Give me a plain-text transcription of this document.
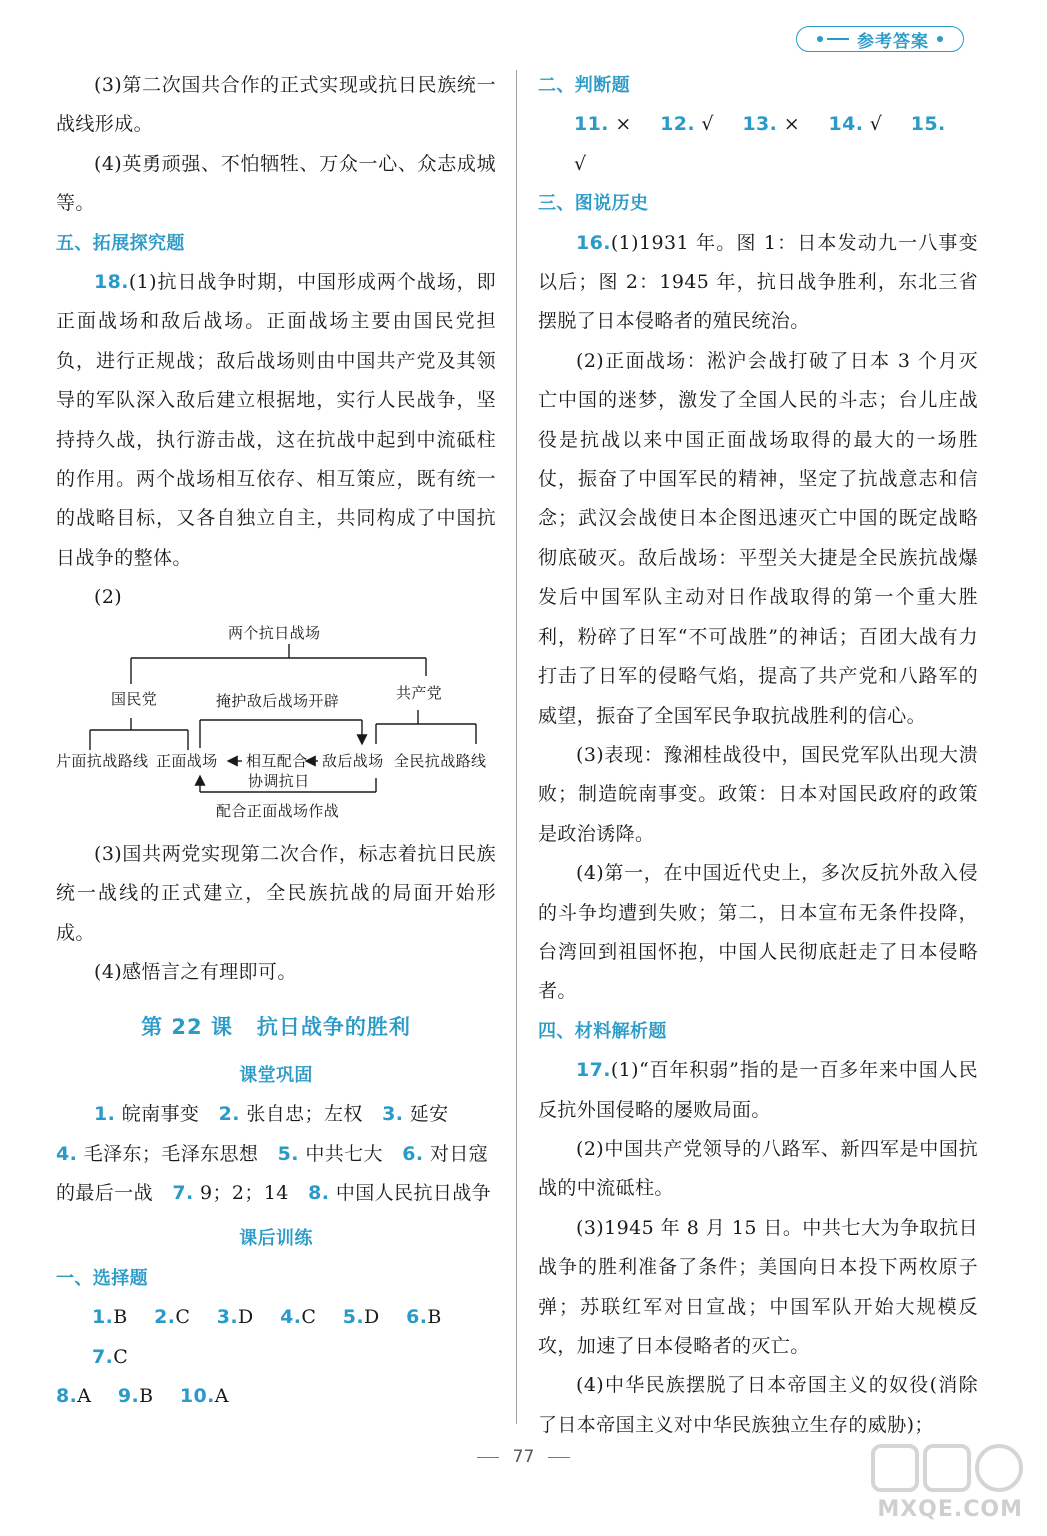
参考答案

(3)第二次国共合作的正式实现或抗日民族统一战线形成。

(4)英勇顽强、不怕牺牲、万众一心、众志成城等。

五、拓展探究题

18.(1)抗日战争时期，中国形成两个战场，即正面战场和敌后战场。正面战场主要由国民党担负，进行正规战；敌后战场则由中国共产党及其领导的军队深入敌后建立根据地，实行人民战争，坚持持久战，执行游击战，这在抗战中起到中流砥柱的作用。两个战场相互依存、相互策应，既有统一的战略目标，又各自独立自主，共同构成了中国抗日战争的整体。

(2)

两个抗日战场
国民党	共产党
掩护敌后战场开辟
片面抗战路线 正面战场 相互配合
协调抗日
敌后战场 全民抗战路线
配合正面战场作战

(3)国共两党实现第二次合作，标志着抗日民族统一战线的正式建立，全民族抗战的局面开始形成。

(4)感悟言之有理即可。

第 22 课 抗日战争的胜利
课堂巩固

1. 皖南事变 2. 张自忠；左权 3. 延安

4. 毛泽东；毛泽东思想 5. 中共七大 6. 对日寇的最后一战 7. 9；2；14 8. 中国人民抗日战争

课后训练
一、选择题
1.B 2.C 3.D 4.C 5.D 6.B 7.C
8.A 9.B 10.A
二、判断题
11. × 12. √ 13. × 14. √ 15. √
三、图说历史

16.(1)1931 年。图 1：日本发动九一八事变以后；图 2：1945 年，抗日战争胜利，东北三省摆脱了日本侵略者的殖民统治。

(2)正面战场：淞沪会战打破了日本 3 个月灭亡中国的迷梦，激发了全国人民的斗志；台儿庄战役是抗战以来中国正面战场取得的最大的一场胜仗，振奋了中国军民的精神，坚定了抗战意志和信念；武汉会战使日本企图迅速灭亡中国的既定战略彻底破灭。敌后战场：平型关大捷是全民族抗战爆发后中国军队主动对日作战取得的第一个重大胜利，粉碎了日军“不可战胜”的神话；百团大战有力打击了日军的侵略气焰，提高了共产党和八路军的威望，振奋了全国军民争取抗战胜利的信心。

(3)表现：豫湘桂战役中，国民党军队出现大溃败；制造皖南事变。政策：日本对国民政府的政策是政治诱降。

(4)第一，在中国近代史上，多次反抗外敌入侵的斗争均遭到失败；第二，日本宣布无条件投降，台湾回到祖国怀抱，中国人民彻底赶走了日本侵略者。

四、材料解析题

17.(1)“百年积弱”指的是一百多年来中国人民反抗外国侵略的屡败局面。

(2)中国共产党领导的八路军、新四军是中国抗战的中流砥柱。

(3)1945 年 8 月 15 日。中共七大为争取抗日战争的胜利准备了条件；美国向日本投下两枚原子弹；苏联红军对日宣战；中国军队开始大规模反攻，加速了日本侵略者的灭亡。

(4)中华民族摆脱了日本帝国主义的奴役(消除了日本帝国主义对中华民族独立生存的威胁)；

77
MXQE.COM
